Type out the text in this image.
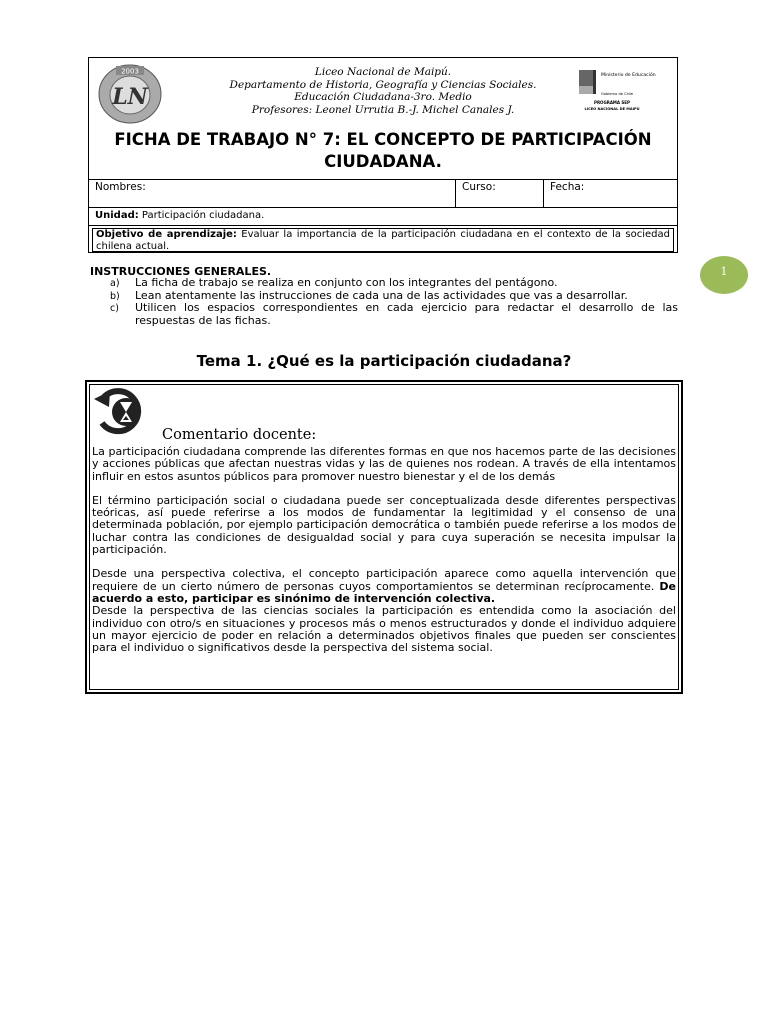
2003
LN
Liceo Nacional de Maipú.
Departamento de Historia, Geografía y Ciencias Sociales.
Educación Ciudadana-3ro. Medio
Profesores: Leonel Urrutia B.-J. Michel Canales J.
Ministerio de Educación
Gobierno de Chile
PROGRAMA SEP
LICEO NACIONAL DE MAIPÚ
FICHA DE TRABAJO N° 7: EL CONCEPTO DE PARTICIPACIÓN CIUDADANA.
Nombres:	Curso:	Fecha:
Unidad: Participación ciudadana.
Objetivo de aprendizaje: Evaluar la importancia de la participación ciudadana en el contexto de la sociedad chilena actual.
INSTRUCCIONES GENERALES.
a) La ficha de trabajo se realiza en conjunto con los integrantes del pentágono.
b) Lean atentamente las instrucciones de cada una de las actividades que vas a desarrollar.
c) Utilicen los espacios correspondientes en cada ejercicio para redactar el desarrollo de las respuestas de las fichas.
1
Tema 1. ¿Qué es la participación ciudadana?
Comentario docente:

La participación ciudadana comprende las diferentes formas en que nos hacemos parte de las decisiones y acciones públicas que afectan nuestras vidas y las de quienes nos rodean. A través de ella intentamos influir en estos asuntos públicos para promover nuestro bienestar y el de los demás

El término participación social o ciudadana puede ser conceptualizada desde diferentes perspectivas teóricas, así puede referirse a los modos de fundamentar la legitimidad y el consenso de una determinada población, por ejemplo participación democrática o también puede referirse a los modos de luchar contra las condiciones de desigualdad social y para cuya superación se necesita impulsar la participación.

Desde una perspectiva colectiva, el concepto participación aparece como aquella intervención que requiere de un cierto número de personas cuyos comportamientos se determinan recíprocamente. De acuerdo a esto, participar es sinónimo de intervención colectiva.

Desde la perspectiva de las ciencias sociales la participación es entendida como la asociación del individuo con otro/s en situaciones y procesos más o menos estructurados y donde el individuo adquiere un mayor ejercicio de poder en relación a determinados objetivos finales que pueden ser conscientes para el individuo o significativos desde la perspectiva del sistema social.
